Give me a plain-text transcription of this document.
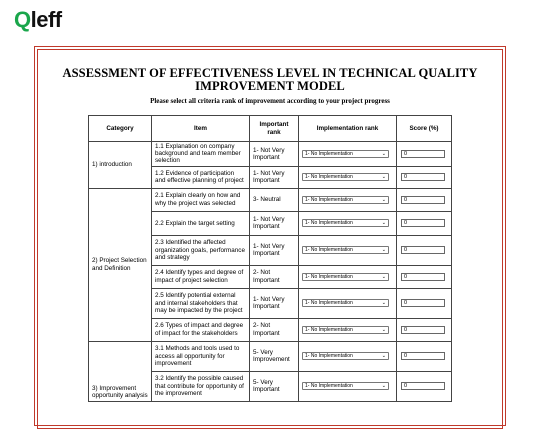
Qleff
ASSESSMENT OF EFFECTIVENESS LEVEL IN TECHNICAL QUALITY IMPROVEMENT MODEL
Please select all criteria rank of improvement according to your project progress
Category	Item	Important rank	Implementation rank	Score (%)
1) introduction	1.1 Explanation on company background and team member selection	1- Not Very Important	1- No Implementation ⌄	0

	1.2 Evidence of participation and effective planning of project	1- Not Very Important	1- No Implementation ⌄	0

2) Project Selection and Definition	2.1 Explain clearly on how and why the project was selected	3- Neutral	1- No Implementation ⌄	0

	2.2 Explain the target setting	1- Not Very Important	1- No Implementation ⌄	0

	2.3 Identified the affected organization goals, performance and strategy	1- Not Very Important	1- No Implementation ⌄	0

	2.4 Identify types and degree of impact of project selection	2- Not Important	1- No Implementation ⌄	0

	2.5 Identify potential external and internal stakeholders that may be impacted by the project	1- Not Very Important	1- No Implementation ⌄	0

	2.6 Types of impact and degree of impact for the stakeholders	2- Not Important	1- No Implementation ⌄	0

3) Improvement opportunity analysis	3.1 Methods and tools used to access all opportunity for improvement	5- Very Improvement	1- No Implementation ⌄	0

	3.2 Identify the possible caused that contribute for opportunity of the improvement	5- Very Important	1- No Implementation ⌄	0
